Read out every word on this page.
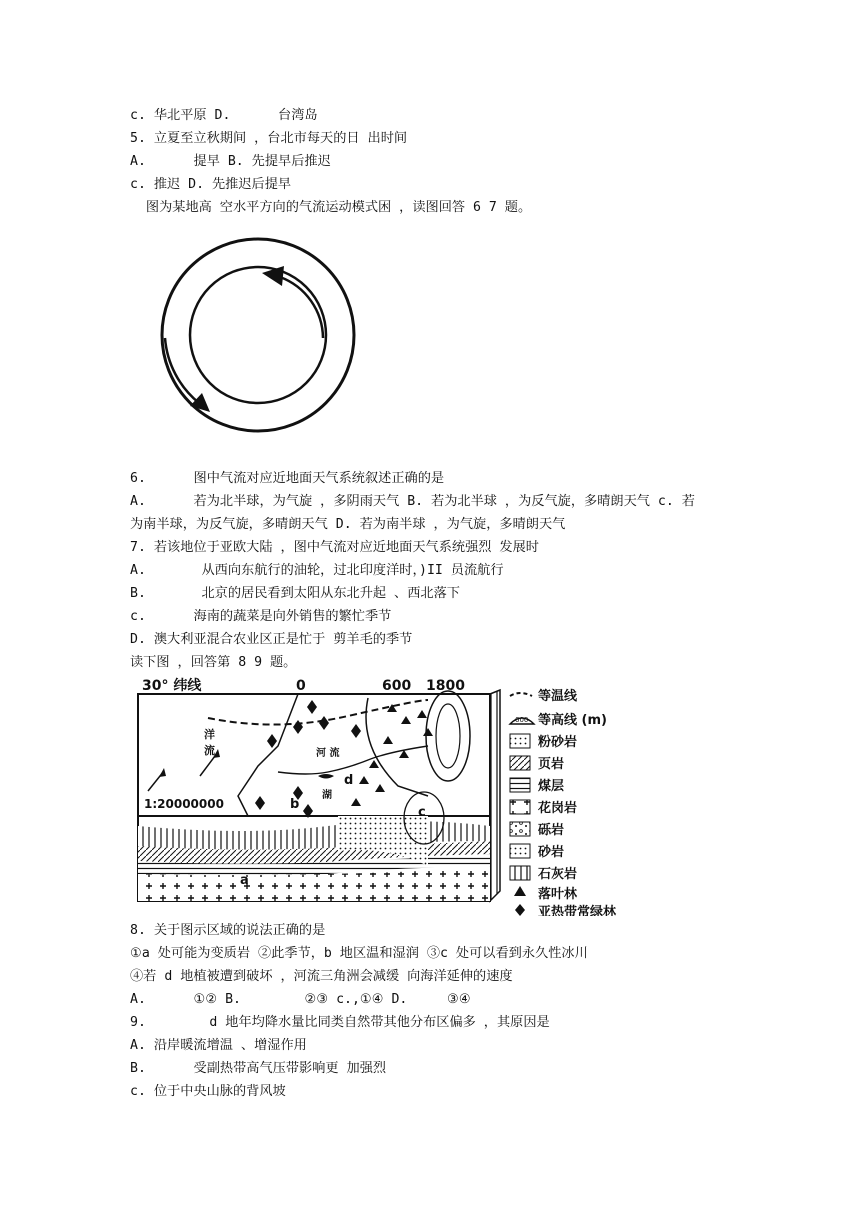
c. 华北平原 D.      台湾岛
5. 立夏至立秋期间 ，台北市每天的日 出时间
A.      提早 B. 先提早后推迟
c. 推迟 D. 先推迟后提早
图为某地高 空水平方向的气流运动模式困 ，读图回答 6 7 题。
6.      图中气流对应近地面天气系统叙述正确的是
A.      若为北半球，为气旋 ，多阴雨天气 B. 若为北半球 ，为反气旋，多晴朗天气 c. 若
为南半球，为反气旋，多晴朗天气 D. 若为南半球 ，为气旋，多晴朗天气
7. 若该地位于亚欧大陆 ，图中气流对应近地面天气系统强烈 发展时
A.       从西向东航行的油轮，过北印度洋时，)II 员流航行
B.       北京的居民看到太阳从东北升起 、西北落下
c.      海南的蔬菜是向外销售的繁忙季节
D. 澳大利亚混合农业区正是忙于 剪羊毛的季节
读下图 ，回答第 8 9 题。
30° 纬线	0	600 1800
洋
流	河 流
湖
1:20000000	b
d
c
a
等温线
600 等高线 (m)
粉砂岩
页岩
煤层
花岗岩
砾岩
砂岩
石灰岩
落叶林
亚热带常绿林
8. 关于图示区域的说法正确的是
①a 处可能为变质岩 ②此季节，b 地区温和湿润 ③c 处可以看到永久性冰川
④若 d 地植被遭到破坏 ，河流三角洲会减缓 向海洋延伸的速度
A.      ①② B.        ②③ c.,①④ D.     ③④
9.        d 地年均降水量比同类自然带其他分布区偏多 ，其原因是
A. 沿岸暖流增温 、增湿作用
B.      受副热带高气压带影响更 加强烈
c. 位于中央山脉的背风坡
